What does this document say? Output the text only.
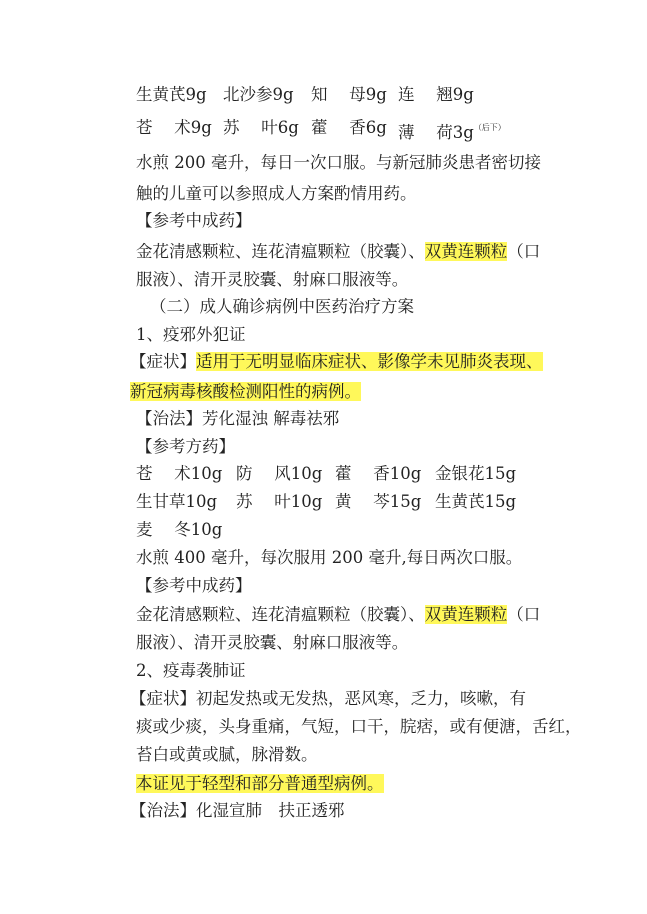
生黄芪9g 北沙参9g 知　 母9g 连　 翘9g
苍　 术9g 苏　 叶6g 藿　 香6g 薄　 荷3g$^{(后下)}$
水煎 200 毫升，每日一次口服。与新冠肺炎患者密切接
触的儿童可以参照成人方案酌情用药。
【参考中成药】
金花清感颗粒、连花清瘟颗粒（胶囊）、双黄连颗粒（口
服液）、清开灵胶囊、射麻口服液等。
（二）成人确诊病例中医药治疗方案
1、疫邪外犯证
【症状】适用于无明显临床症状、影像学未见肺炎表现、
新冠病毒核酸检测阳性的病例。
【治法】芳化湿浊 解毒祛邪
【参考方药】
苍　 术10g 防　 风10g 藿　 香10g 金银花15g
生甘草10g 苏　 叶10g 黄　 芩15g 生黄芪15g
麦　 冬10g
水煎 400 毫升，每次服用 200 毫升,每日两次口服。
【参考中成药】
金花清感颗粒、连花清瘟颗粒（胶囊）、双黄连颗粒（口
服液）、清开灵胶囊、射麻口服液等。
2、疫毒袭肺证
【症状】初起发热或无发热，恶风寒，乏力，咳嗽，有
痰或少痰，头身重痛，气短，口干，脘痞，或有便溏，舌红，
苔白或黄或腻，脉滑数。
本证见于轻型和部分普通型病例。
【治法】化湿宣肺　扶正透邪
